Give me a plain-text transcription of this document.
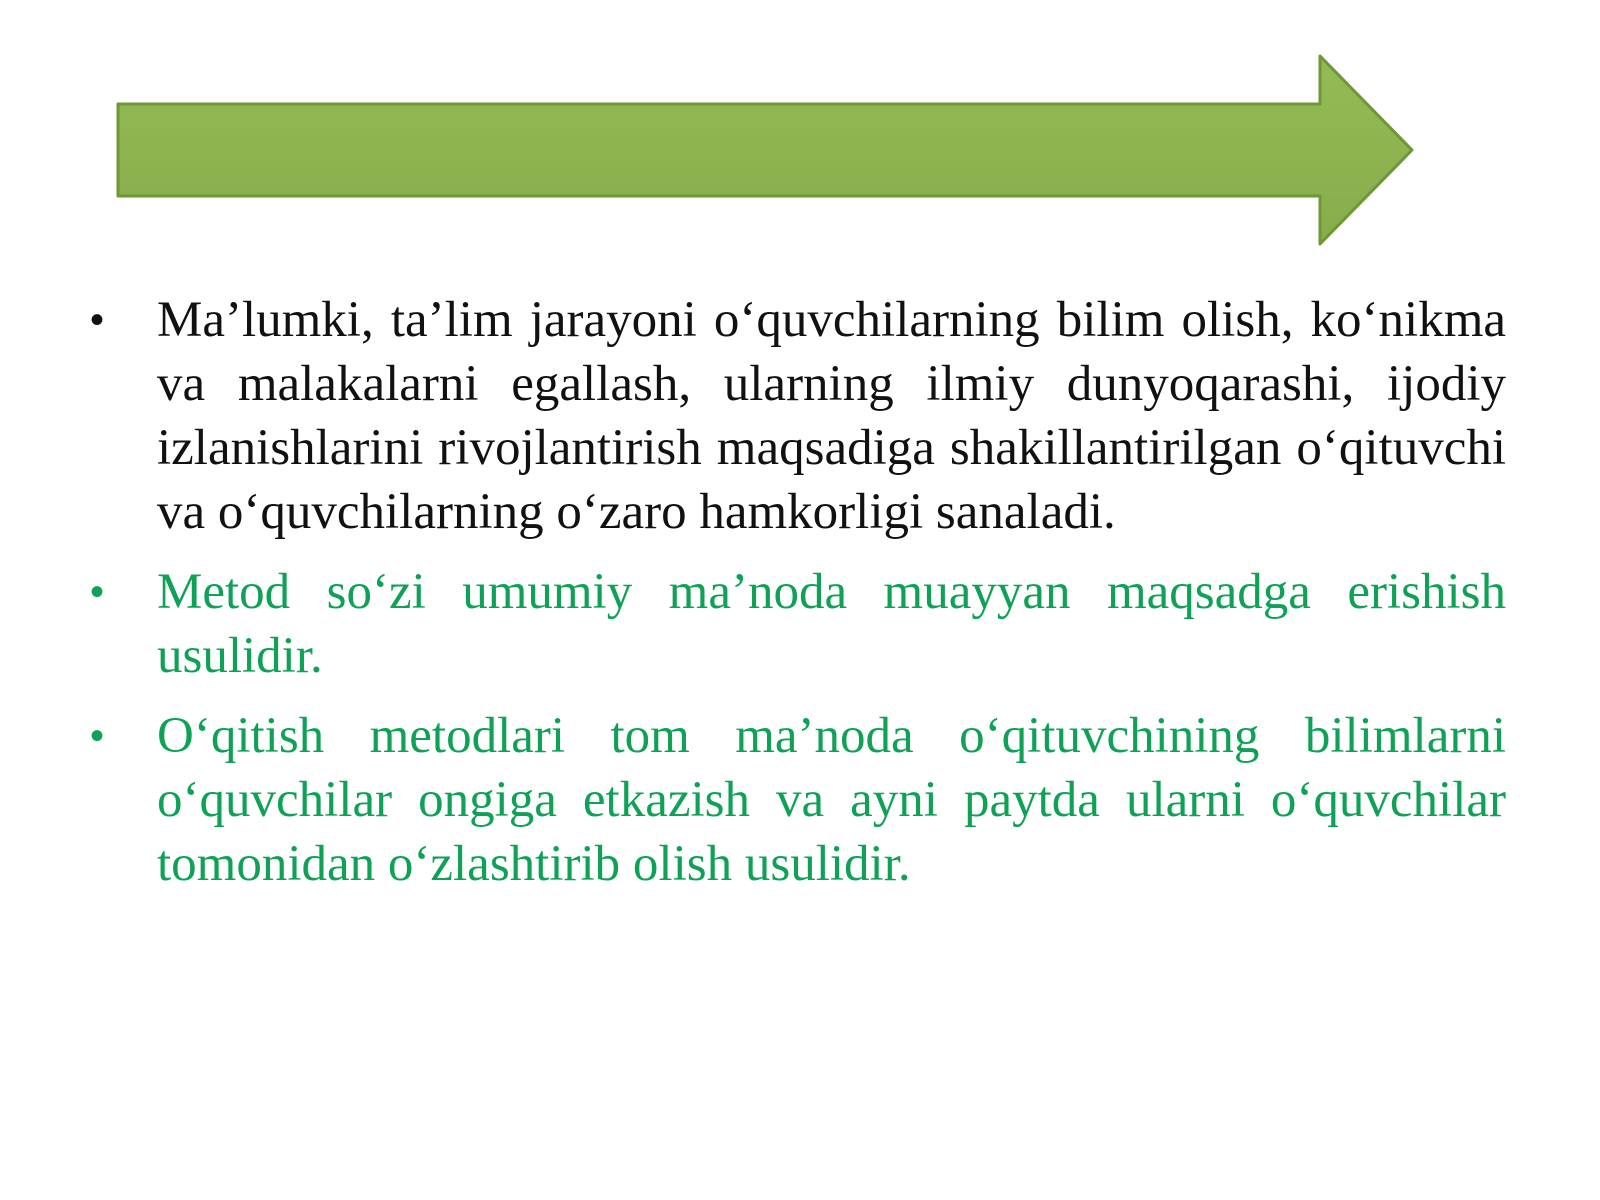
• Ma’lumki, ta’lim jarayoni o‘quvchilarning bilim olish, ko‘nikma va malakalarni egallash, ularning ilmiy dunyoqarashi, ijodiy izlanishlarini rivojlantirish maqsadiga shakillantirilgan o‘qituvchi va o‘quvchilarning o‘zaro hamkorligi sanaladi.

• Metod so‘zi umumiy ma’noda muayyan maqsadga erishish usulidir.

• O‘qitish metodlari tom ma’noda o‘qituvchining bilimlarni o‘quvchilar ongiga etkazish va ayni paytda ularni o‘quvchilar tomonidan o‘zlashtirib olish usulidir.
